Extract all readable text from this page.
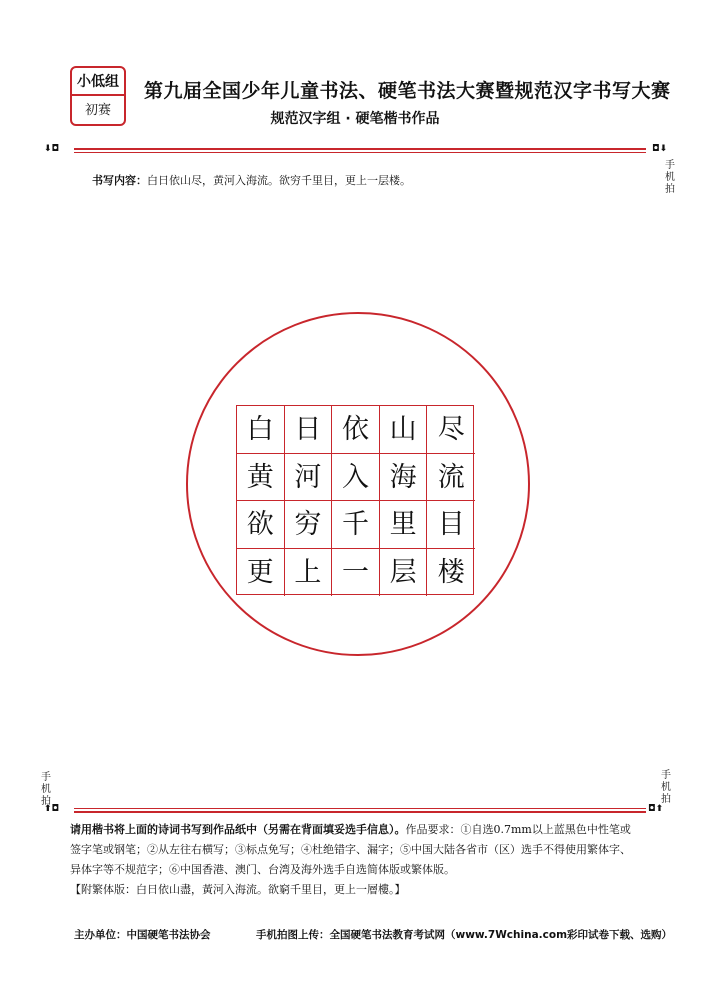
小低组
初赛
第九届全国少年儿童书法、硬笔书法大赛暨规范汉字书写大赛
规范汉字组 · 硬笔楷书作品
⬇◘	◘⬇
手机拍
书写内容：白日依山尽，黄河入海流。欲穷千里目，更上一层楼。
白 日 依 山 尽
黄 河 入 海 流
欲 穷 千 里 目
更 上 一 层 楼
手机拍
手机拍
⬆◘	◘⬆
请用楷书将上面的诗词书写到作品纸中（另需在背面填妥选手信息）。作品要求：①自选0.7mm以上蓝黑色中性笔或签字笔或钢笔；②从左往右横写；③标点免写；④杜绝错字、漏字；⑤中国大陆各省市（区）选手不得使用繁体字、异体字等不规范字；⑥中国香港、澳门、台湾及海外选手自选简体版或繁体版。
【附繁体版：白日依山盡，黃河入海流。欲窮千里目，更上一層樓。】
主办单位：中国硬笔书法协会	手机拍图上传：全国硬笔书法教育考试网（www.7Wchina.com彩印试卷下载、选购）
